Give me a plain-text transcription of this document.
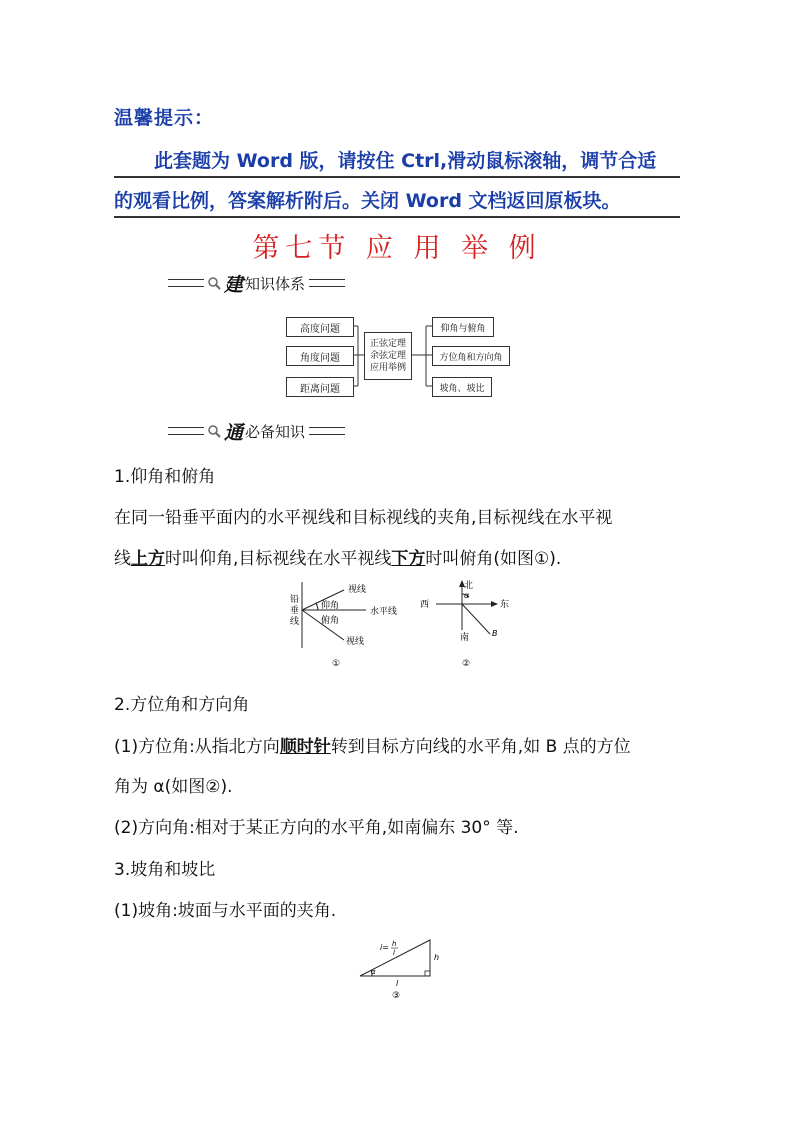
温馨提示：
此套题为 Word 版，请按住 Ctrl,滑动鼠标滚轴，调节合适
的观看比例，答案解析附后。关闭 Word 文档返回原板块。
第七节 应 用 举 例
建 知识体系
高度问题
角度问题
距离问题
正弦定理
余弦定理
应用举例
仰角与俯角
方位角和方向角
坡角、坡比
通 必备知识
1.仰角和俯角
在同一铅垂平面内的水平视线和目标视线的夹角,目标视线在水平视
线上方时叫仰角,目标视线在水平视线下方时叫俯角(如图①).
铅
垂
线
视线
仰角
水平线
俯角
视线
①
北
α
西	东
南	B
②
2.方位角和方向角
(1)方位角:从指北方向顺时针转到目标方向线的水平角,如 B 点的方位
角为 α(如图②).
(2)方向角:相对于某正方向的水平角,如南偏东 30° 等.
3.坡角和坡比
(1)坡角:坡面与水平面的夹角.
i= h
l	h
l
α
③
